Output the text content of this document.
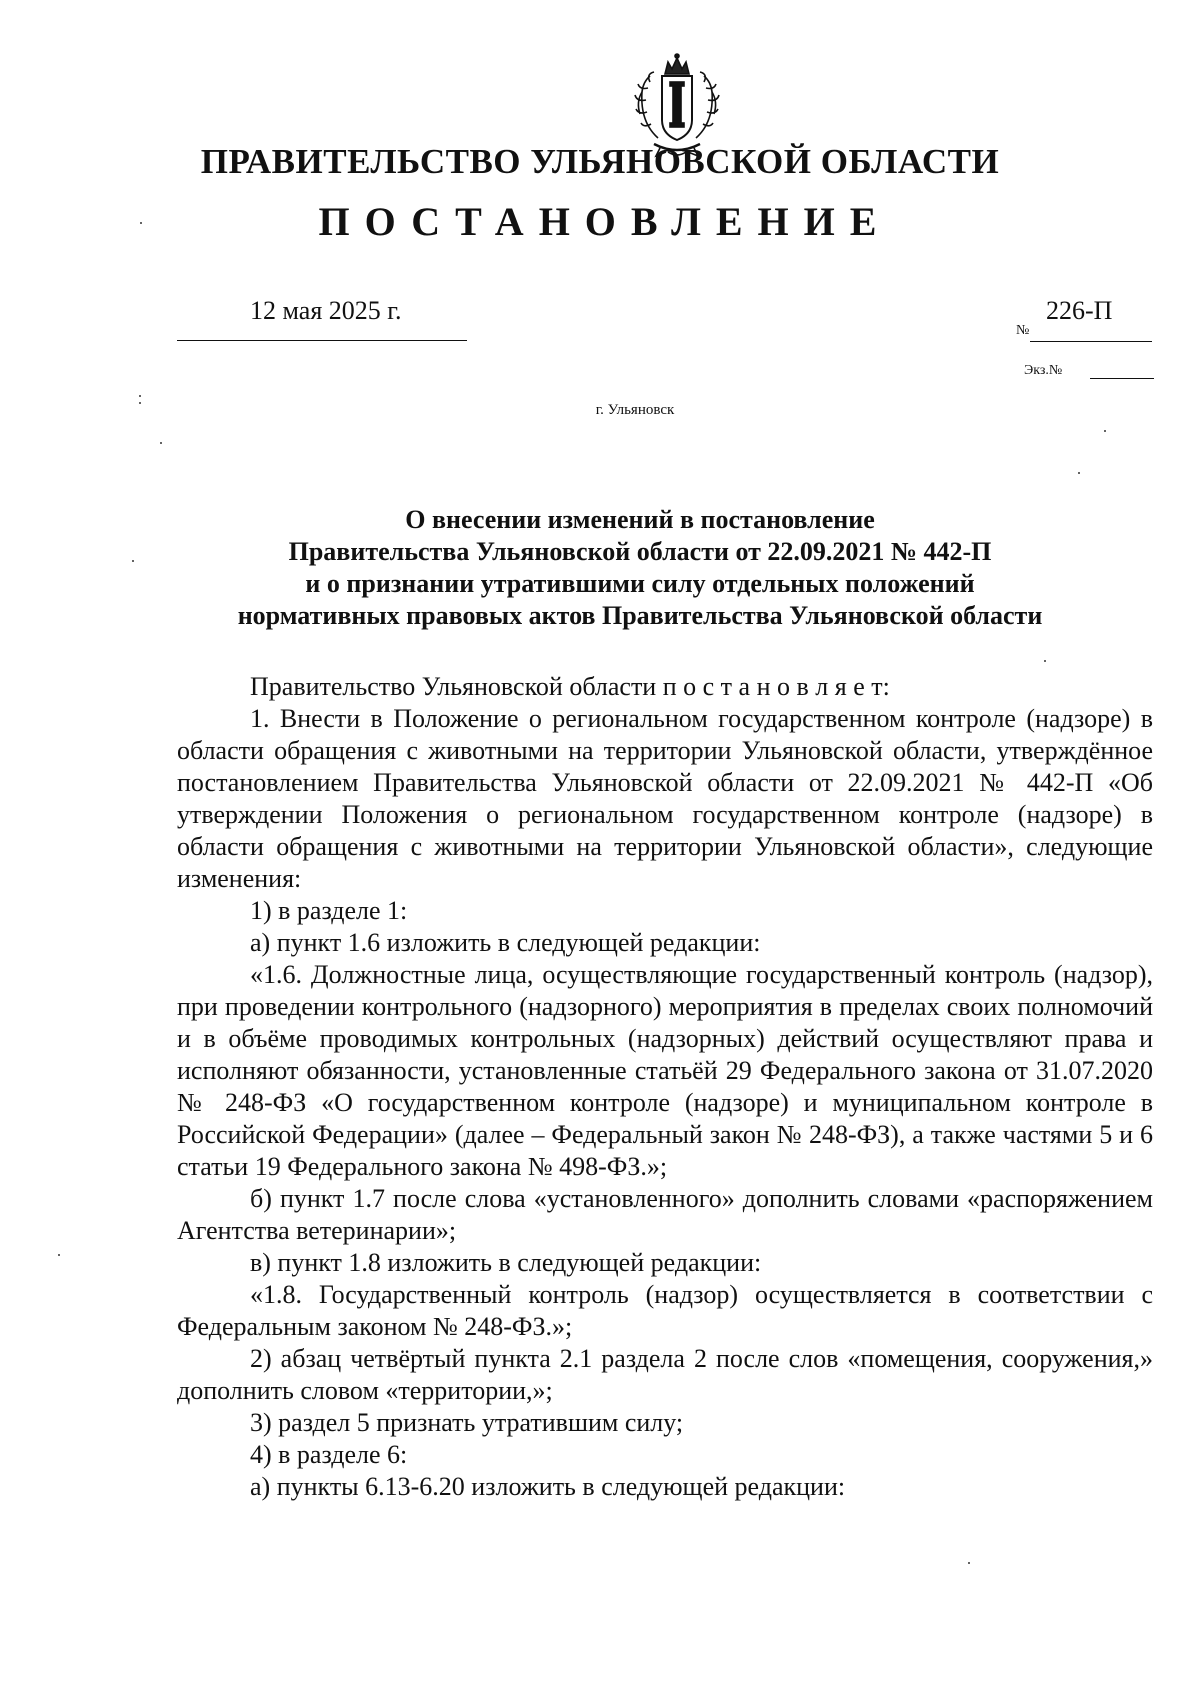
ПРАВИТЕЛЬСТВО УЛЬЯНОВСКОЙ ОБЛАСТИ
ПОСТАНОВЛЕНИЕ
12 мая 2025 г.
№
226-П
Экз.№
г. Ульяновск
О внесении изменений в постановление
Правительства Ульяновской области от 22.09.2021 № 442-П
и о признании утратившими силу отдельных положений
нормативных правовых актов Правительства Ульяновской области

Правительство Ульяновской области п о с т а н о в л я е т:

1. Внести в Положение о региональном государственном контроле (надзоре) в области обращения с животными на территории Ульяновской области, утверждённое постановлением Правительства Ульяновской области от 22.09.2021 № 442-П «Об утверждении Положения о региональном государственном контроле (надзоре) в области обращения с животными на территории Ульяновской области», следующие изменения:

1) в разделе 1:

а) пункт 1.6 изложить в следующей редакции:

«1.6. Должностные лица, осуществляющие государственный контроль (надзор), при проведении контрольного (надзорного) мероприятия в пределах своих полномочий и в объёме проводимых контрольных (надзорных) действий осуществляют права и исполняют обязанности, установленные статьёй 29 Федерального закона от 31.07.2020 № 248-ФЗ «О государственном контроле (надзоре) и муниципальном контроле в Российской Федерации» (далее – Федеральный закон № 248-ФЗ), а также частями 5 и 6 статьи 19 Федерального закона № 498-ФЗ.»;

б) пункт 1.7 после слова «установленного» дополнить словами «распоряжением Агентства ветеринарии»;

в) пункт 1.8 изложить в следующей редакции:

«1.8. Государственный контроль (надзор) осуществляется в соответствии с Федеральным законом № 248-ФЗ.»;

2) абзац четвёртый пункта 2.1 раздела 2 после слов «помещения, сооружения,» дополнить словом «территории,»;

3) раздел 5 признать утратившим силу;

4) в разделе 6:

а) пункты 6.13-6.20 изложить в следующей редакции:
